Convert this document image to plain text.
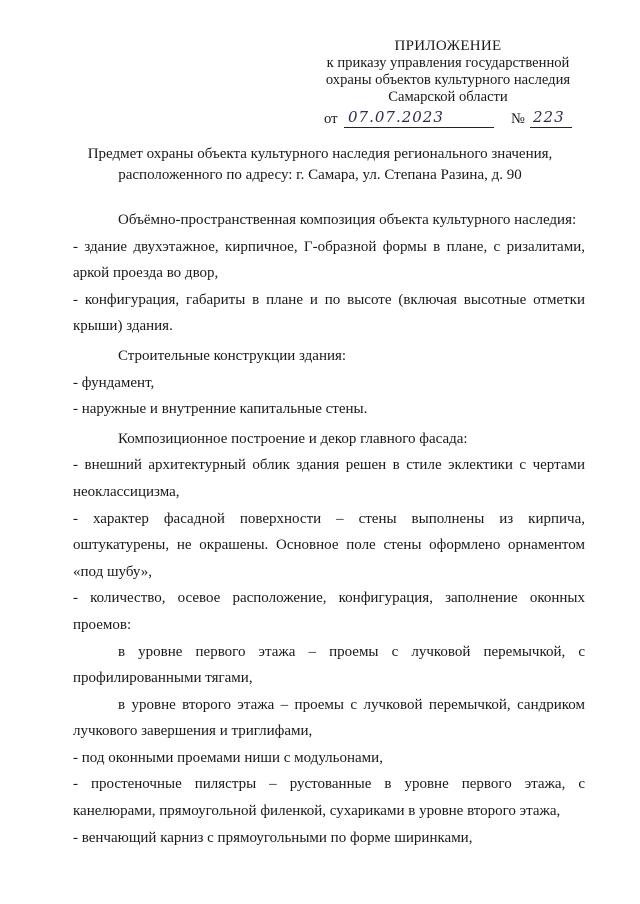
ПРИЛОЖЕНИЕ
к приказу управления государственной
охраны объектов культурного наследия
Самарской области
от 07.07.2023	№ 223
Предмет охраны объекта культурного наследия регионального значения,
расположенного по адресу: г. Самара, ул. Степана Разина, д. 90

Объёмно-пространственная композиция объекта культурного наследия:

- здание двухэтажное, кирпичное, Г-образной формы в плане, с ризалитами, аркой проезда во двор,

- конфигурация, габариты в плане и по высоте (включая высотные отметки крыши) здания.

Строительные конструкции здания:

- фундамент,

- наружные и внутренние капитальные стены.

Композиционное построение и декор главного фасада:

- внешний архитектурный облик здания решен в стиле эклектики с чертами неоклассицизма,

- характер фасадной поверхности – стены выполнены из кирпича, оштукатурены, не окрашены. Основное поле стены оформлено орнаментом «под шубу»,

- количество, осевое расположение, конфигурация, заполнение оконных проемов:

в уровне первого этажа – проемы с лучковой перемычкой, с профилированными тягами,

в уровне второго этажа – проемы с лучковой перемычкой, сандриком лучкового завершения и триглифами,

- под оконными проемами ниши с модульонами,

- простеночные пилястры – рустованные в уровне первого этажа, с канелюрами, прямоугольной филенкой, сухариками в уровне второго этажа,

- венчающий карниз с прямоугольными по форме ширинками,
